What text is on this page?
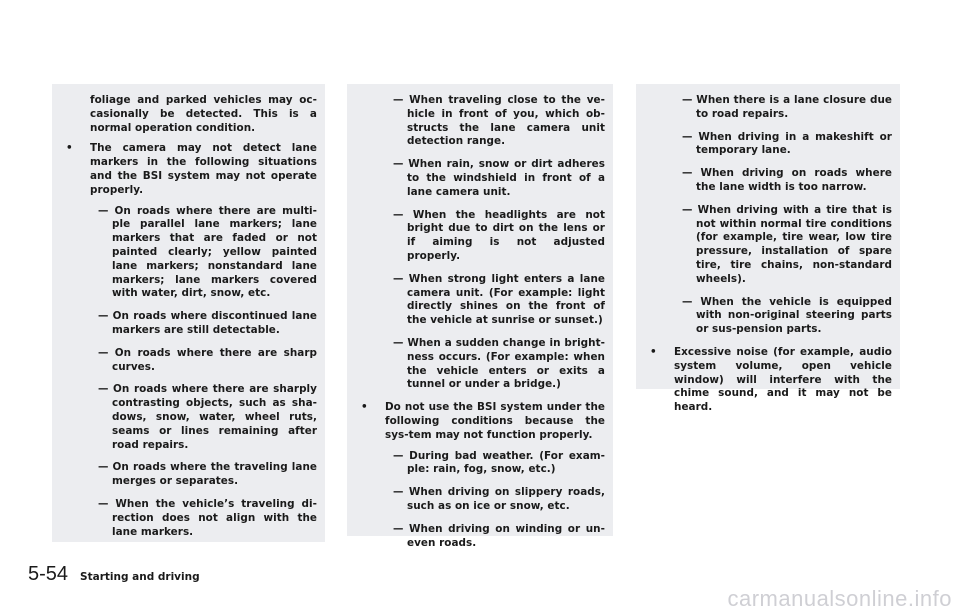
foliage and parked vehicles may oc-casionally be detected. This is a normal operation condition.

• The camera may not detect lane markers in the following situations and the BSI system may not operate properly.

— On roads where there are multi-ple parallel lane markers; lane markers that are faded or not painted clearly; yellow painted lane markers; nonstandard lane markers; lane markers covered with water, dirt, snow, etc.

— On roads where discontinued lane markers are still detectable.

— On roads where there are sharp curves.

— On roads where there are sharply contrasting objects, such as sha-dows, snow, water, wheel ruts, seams or lines remaining after road repairs.

— On roads where the traveling lane merges or separates.

— When the vehicle’s traveling di-rection does not align with the lane markers.

— When traveling close to the ve-hicle in front of you, which ob-structs the lane camera unit detection range.

— When rain, snow or dirt adheres to the windshield in front of a lane camera unit.

— When the headlights are not bright due to dirt on the lens or if aiming is not adjusted properly.

— When strong light enters a lane camera unit. (For example: light directly shines on the front of the vehicle at sunrise or sunset.)

— When a sudden change in bright-ness occurs. (For example: when the vehicle enters or exits a tunnel or under a bridge.)

• Do not use the BSI system under the following conditions because the sys-tem may not function properly.

— During bad weather. (For exam-ple: rain, fog, snow, etc.)

— When driving on slippery roads, such as on ice or snow, etc.

— When driving on winding or un-even roads.

— When there is a lane closure due to road repairs.

— When driving in a makeshift or temporary lane.

— When driving on roads where the lane width is too narrow.

— When driving with a tire that is not within normal tire conditions (for example, tire wear, low tire pressure, installation of spare tire, tire chains, non-standard wheels).

— When the vehicle is equipped with non-original steering parts or sus-pension parts.

• Excessive noise (for example, audio system volume, open vehicle window) will interfere with the chime sound, and it may not be heard.

5-54 Starting and driving
carmanualsonline.info
